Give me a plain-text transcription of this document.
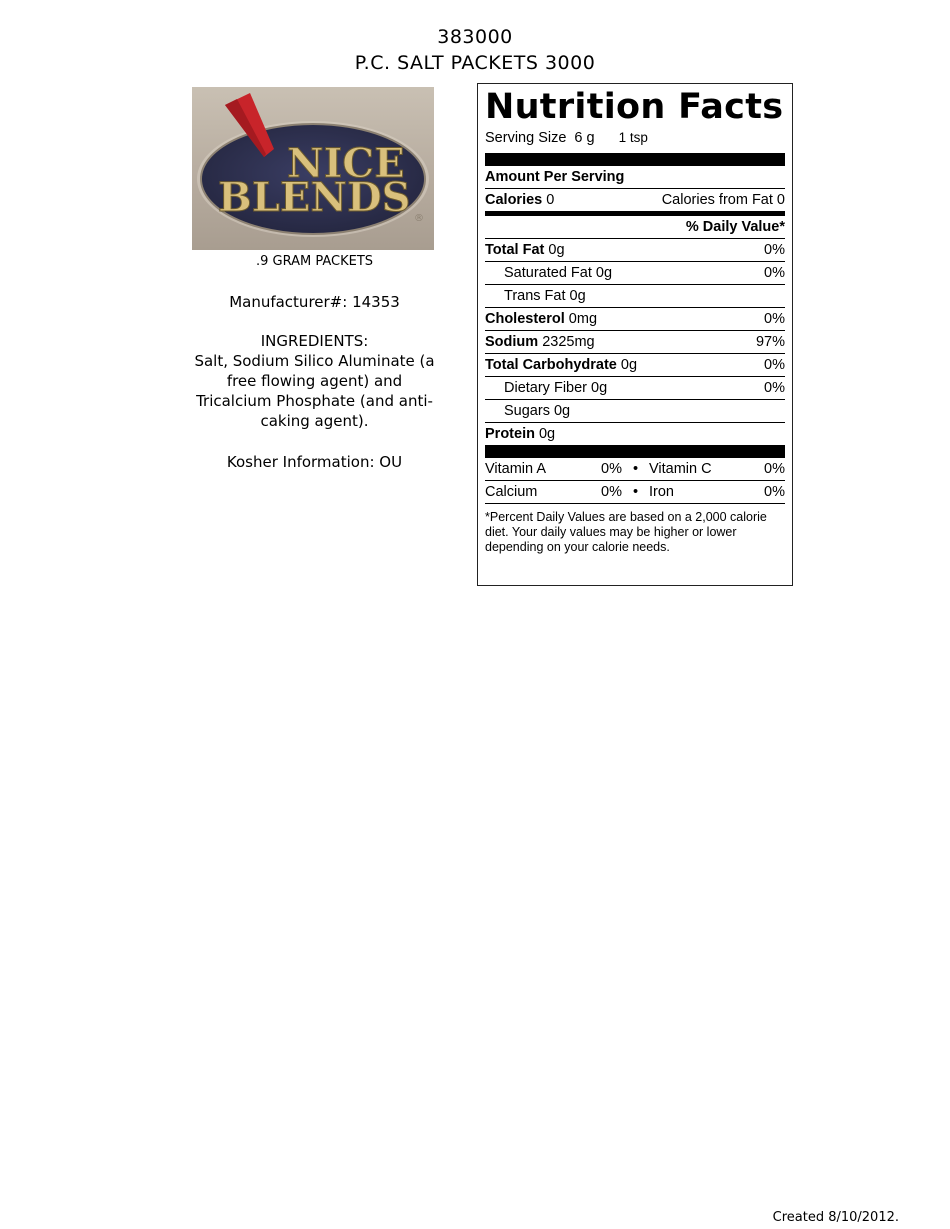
383000
P.C. SALT PACKETS 3000
NICE
BLENDS ®
.9 GRAM PACKETS
Manufacturer#: 14353
INGREDIENTS:
Salt, Sodium Silico Aluminate (a
free flowing agent) and
Tricalcium Phosphate (and anti-
caking agent).
Kosher Information: OU
Nutrition Facts
Serving Size 6 g 1 tsp
Amount Per Serving
Calories 0	Calories from Fat 0
% Daily Value*
Total Fat 0g	0%
Saturated Fat 0g	0%
Trans Fat 0g
Cholesterol 0mg	0%
Sodium 2325mg	97%
Total Carbohydrate 0g	0%
Dietary Fiber 0g	0%
Sugars 0g
Protein 0g
Vitamin A	0% • Vitamin C	0%
Calcium	0% • Iron	0%
*Percent Daily Values are based on a 2,000 calorie diet. Your daily values may be higher or lower depending on your calorie needs.
Created 8/10/2012.
